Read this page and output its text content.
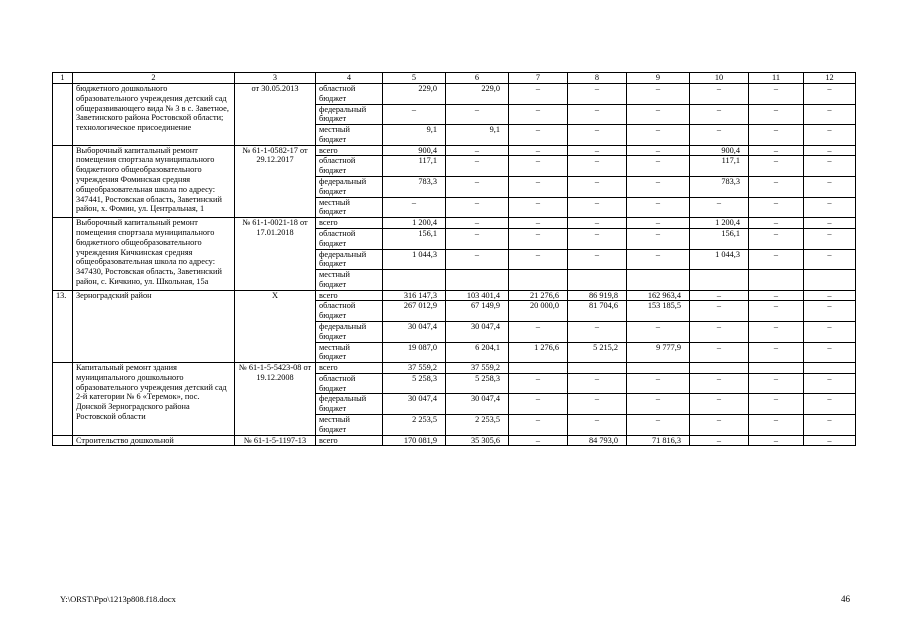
1	2	3	4	5	6	7	8	9	10	11	12
	бюджетного дошкольного образовательного учреждения детский сад общеразвивающего вида № 3 в с. Заветное, Заветинского района Ростовской области; технологическое присоединение	от 30.05.2013	областной бюджет	229,0	229,0	–	–	–	–	–	–
			федеральный бюджет	–	–	–	–	–	–	–	–
			местный бюджет	9,1	9,1	–	–	–	–	–	–
	Выборочный капитальный ремонт помещения спортзала муниципального бюджетного общеобразовательного учреждения Фоминская средняя общеобразовательная школа по адресу: 347441, Ростовская область, Заветинский район, х. Фомин, ул. Центральная, 1	№ 61-1-0582-17 от 29.12.2017	всего	900,4	–	–	–	–	900,4	–	–
			областной бюджет	117,1	–	–	–	–	117,1	–	–
			федеральный бюджет	783,3	–	–	–	–	783,3	–	–
			местный бюджет	–	–	–	–	–	–	–	–
	Выборочный капитальный ремонт помещения спортзала муниципального бюджетного общеобразовательного учреждения Кичкинская средняя общеобразовательная школа по адресу: 347430, Ростовская область, Заветинский район, с. Кичкино, ул. Школьная, 15а	№ 61-1-0021-18 от 17.01.2018	всего	1 200,4	–	–	–	–	1 200,4	–	–
			областной бюджет	156,1	–	–	–	–	156,1	–	–
			федеральный бюджет	1 044,3	–	–	–	–	1 044,3	–	–
			местный бюджет								
13.	Зерноградский район	Х	всего	316 147,3	103 401,4	21 276,6	86 919,8	162 963,4	–	–	–
			областной бюджет	267 012,9	67 149,9	20 000,0	81 704,6	153 185,5	–	–	–
			федеральный бюджет	30 047,4	30 047,4	–	–	–	–	–	–
			местный бюджет	19 087,0	6 204,1	1 276,6	5 215,2	9 777,9	–	–	–
	Капитальный ремонт здания муниципального дошкольного образовательного учреждения детский сад 2-й категории № 6 «Теремок», пос. Донской Зерноградского района Ростовской области	№ 61-1-5-5423-08 от 19.12.2008	всего	37 559,2	37 559,2						
			областной бюджет	5 258,3	5 258,3	–	–	–	–	–	–
			федеральный бюджет	30 047,4	30 047,4	–	–	–	–	–	–
			местный бюджет	2 253,5	2 253,5	–	–	–	–	–	–
	Строительство дошкольной	№ 61-1-5-1197-13	всего	170 081,9	35 305,6	–	84 793,0	71 816,3	–	–	–
Y:\ORST\Ppo\1213p808.f18.docx	46
